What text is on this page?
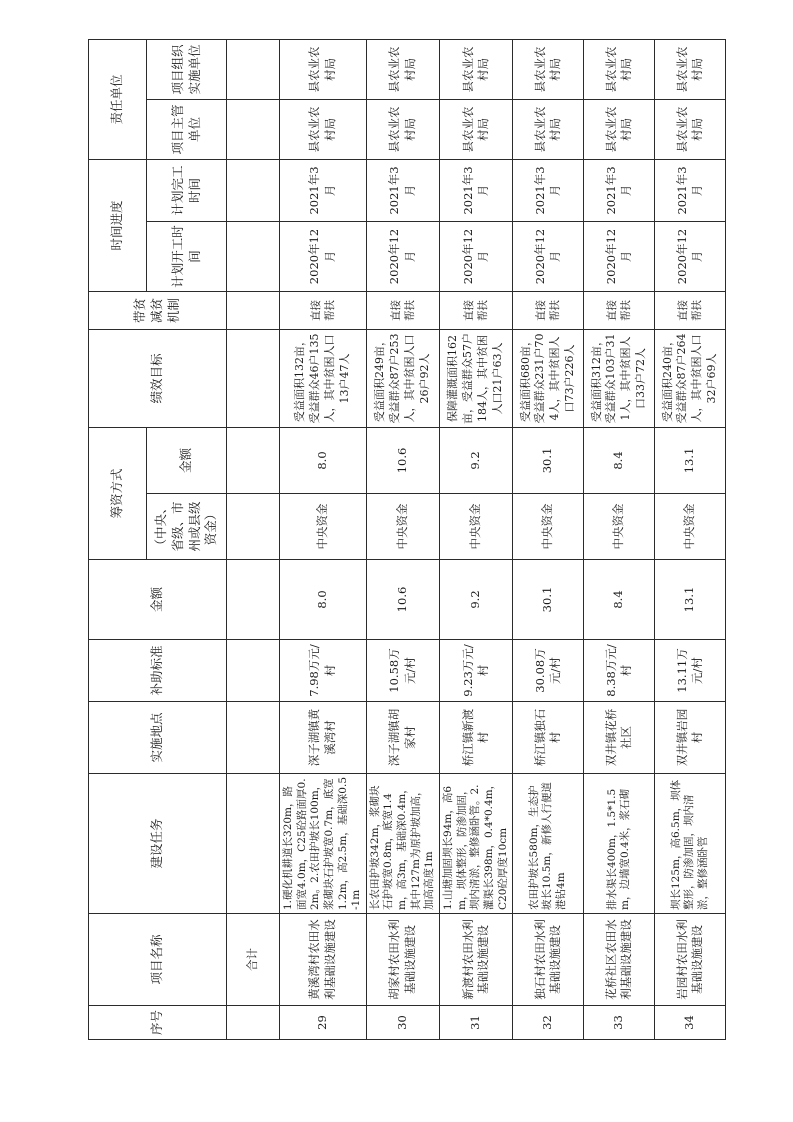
序号	项目名称	建设任务	实施地点	补助标准	金额	筹资方式		绩效目标	带贫减贫机制	时间进度		责任单位	
						（中央、省级、市州或县级资金）	金额			计划开工时间	计划完工时间	项目主管单位	项目组织实施单位
	合计												
29	黄溪湾村农田水利基础设施建设	1.硬化机耕道长320m，路面宽4.0m，C25砼路面厚0.2m。2.农田护坡长100m，浆砌块石护坡宽0.7m，底宽1.2m，高2.5m，基础深0.5-1m	深子湖镇黄溪湾村	7.98万元/村	8.0	中央资金	8.0	受益面积132亩，受益群众46户135人，其中贫困人口13户47人	直接帮扶	2020年12月	2021年3月	县农业农村局	县农业农村局
30	胡家村农田水利基础设施建设	长农田护坡342m，浆砌块石护坡宽0.8m，底宽1.4m，高3m，基础深0.4m，其中127m为原护坡加高，加高高度1m	深子湖镇胡家村	10.58万元/村	10.6	中央资金	10.6	受益面积249亩，受益群众87户253人，其中贫困人口26户92人	直接帮扶	2020年12月	2021年3月	县农业农村局	县农业农村局
31	新渡村农田水利基础设施建设	1.山塘加固坝长94m，高6m，坝体整形，防渗加固，坝内清淤，整修涵卧管。2.灌渠长398m，0.4*0.4m，C20砼厚度10cm	桥江镇新渡村	9.23万元/村	9.2	中央资金	9.2	保障灌溉面积162亩，受益群众57户184人，其中贫困人口21户63人	直接帮扶	2020年12月	2021年3月	县农业农村局	县农业农村局
32	独石村农田水利基础设施建设	农田护坡长580m，生态护坡长10.5m，新修人行便道港钻4m	桥江镇独石村	30.08万元/村	30.1	中央资金	30.1	受益面积680亩，受益群众231户704人，其中贫困人口73户226人	直接帮扶	2020年12月	2021年3月	县农业农村局	县农业农村局
33	花桥社区农田水利基础设施建设	排水渠长400m，1.5*1.5m，边墙宽0.4米，浆石砌	双井镇花桥社区	8.38万元/村	8.4	中央资金	8.4	受益面积312亩，受益群众103户311人，其中贫困人口33户72人	直接帮扶	2020年12月	2021年3月	县农业农村局	县农业农村局
34	岩园村农田水利基础设施建设	坝长125m，高6.5m，坝体整形，防渗加固，坝内清淤，整修涵卧管	双井镇岩园村	13.11万元/村	13.1	中央资金	13.1	受益面积240亩，受益群众87户264人，其中贫困人口32户69人	直接帮扶	2020年12月	2021年3月	县农业农村局	县农业农村局
